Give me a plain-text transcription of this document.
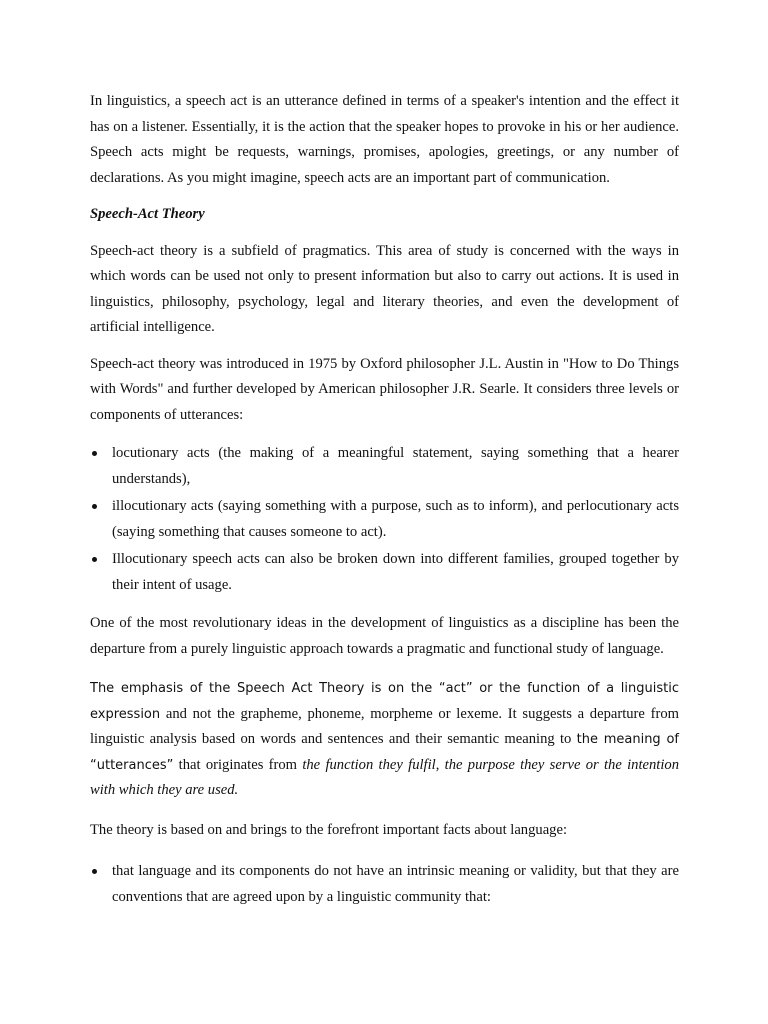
In linguistics, a speech act is an utterance defined in terms of a speaker's intention and the effect it has on a listener. Essentially, it is the action that the speaker hopes to provoke in his or her audience. Speech acts might be requests, warnings, promises, apologies, greetings, or any number of declarations. As you might imagine, speech acts are an important part of communication.

Speech-Act Theory

Speech-act theory is a subfield of pragmatics. This area of study is concerned with the ways in which words can be used not only to present information but also to carry out actions. It is used in linguistics, philosophy, psychology, legal and literary theories, and even the development of artificial intelligence.

Speech-act theory was introduced in 1975 by Oxford philosopher J.L. Austin in "How to Do Things with Words" and further developed by American philosopher J.R. Searle. It considers three levels or components of utterances:

locutionary acts (the making of a meaningful statement, saying something that a hearer understands),
illocutionary acts (saying something with a purpose, such as to inform), and perlocutionary acts (saying something that causes someone to act).
Illocutionary speech acts can also be broken down into different families, grouped together by their intent of usage.

One of the most revolutionary ideas in the development of linguistics as a discipline has been the departure from a purely linguistic approach towards a pragmatic and functional study of language.

The emphasis of the Speech Act Theory is on the “act” or the function of a linguistic expression and not the grapheme, phoneme, morpheme or lexeme. It suggests a departure from linguistic analysis based on words and sentences and their semantic meaning to the meaning of “utterances” that originates from the function they fulfil, the purpose they serve or the intention with which they are used.

The theory is based on and brings to the forefront important facts about language:

that language and its components do not have an intrinsic meaning or validity, but that they are conventions that are agreed upon by a linguistic community that:
